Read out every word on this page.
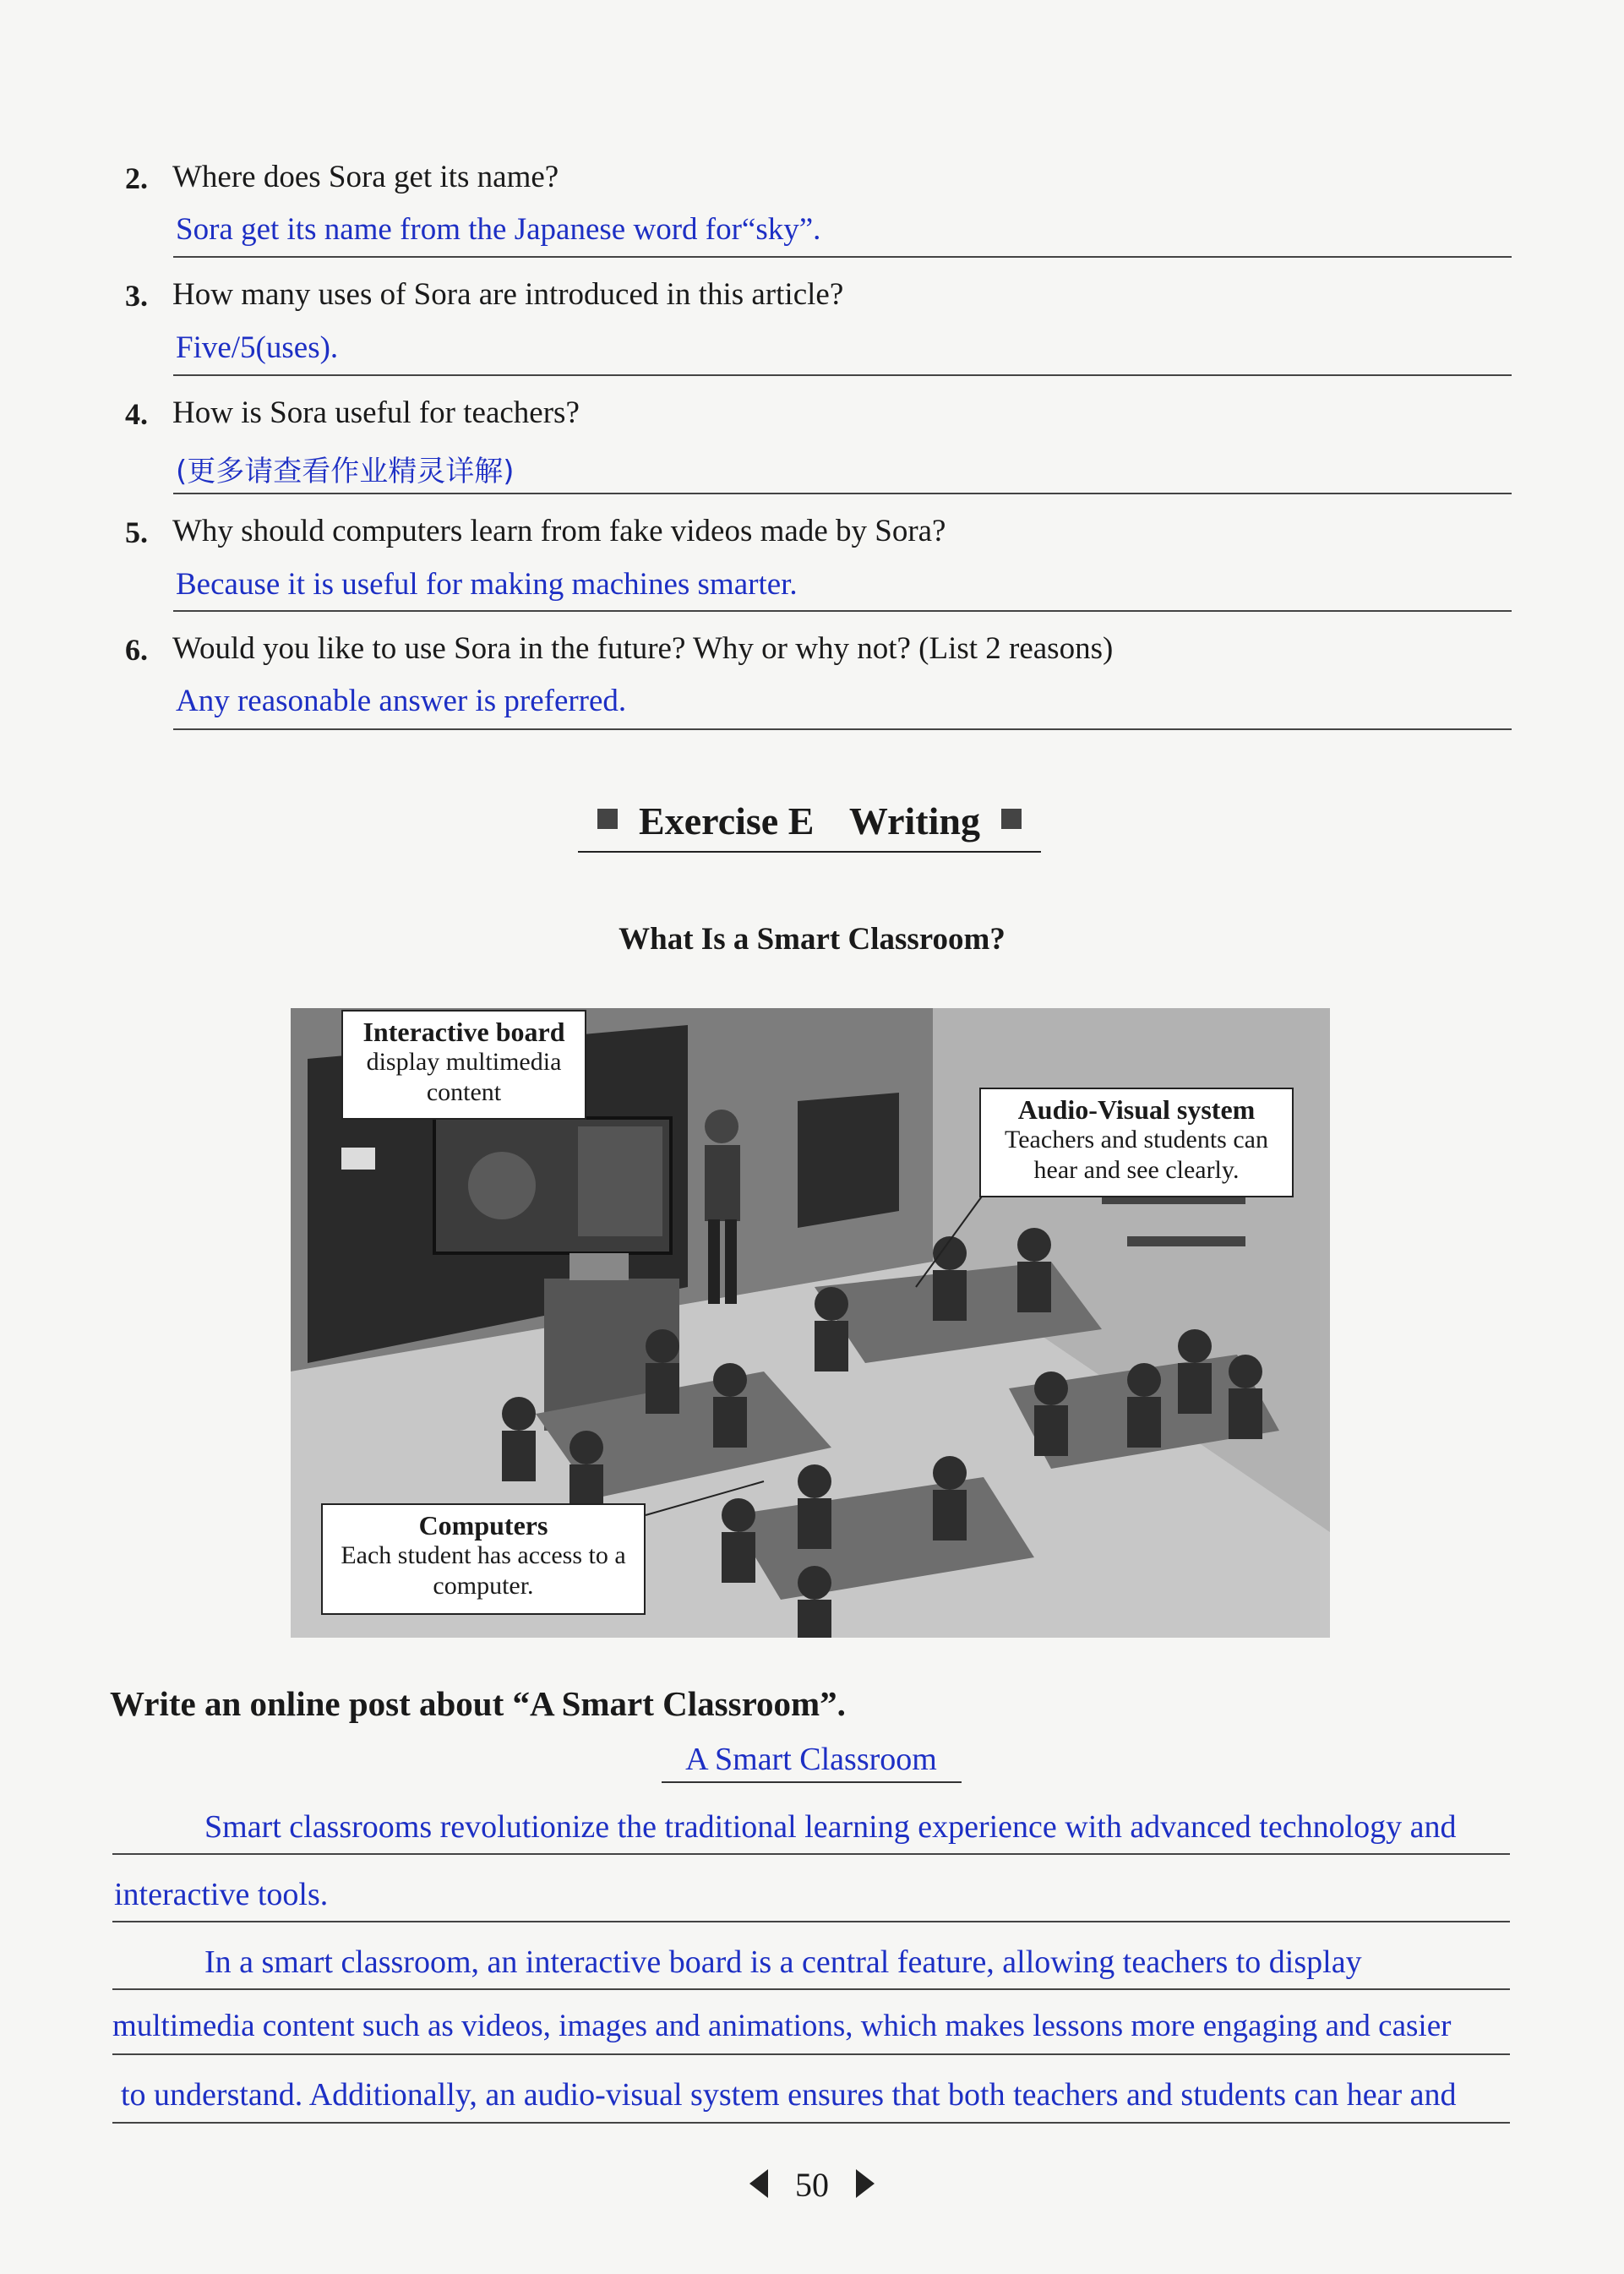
2. Where does Sora get its name?
Sora get its name from the Japanese word for“sky”.
3. How many uses of Sora are introduced in this article?
Five/5(uses).
4. How is Sora useful for teachers?
(更多请查看作业精灵详解)
5. Why should computers learn from fake videos made by Sora?
Because it is useful for making machines smarter.
6. Would you like to use Sora in the future? Why or why not? (List 2 reasons)
Any reasonable answer is preferred.
Exercise E Writing
What Is a Smart Classroom?
Interactive board
display multimedia content
Audio-Visual system
Teachers and students can hear and see clearly.
Computers
Each student has access to a computer.
Write an online post about “A Smart Classroom”.
A Smart Classroom
Smart classrooms revolutionize the traditional learning experience with advanced technology and
interactive tools.
In a smart classroom, an interactive board is a central feature, allowing teachers to display
multimedia content such as videos, images and animations, which makes lessons more engaging and casier
to understand. Additionally, an audio-visual system ensures that both teachers and students can hear and
50
